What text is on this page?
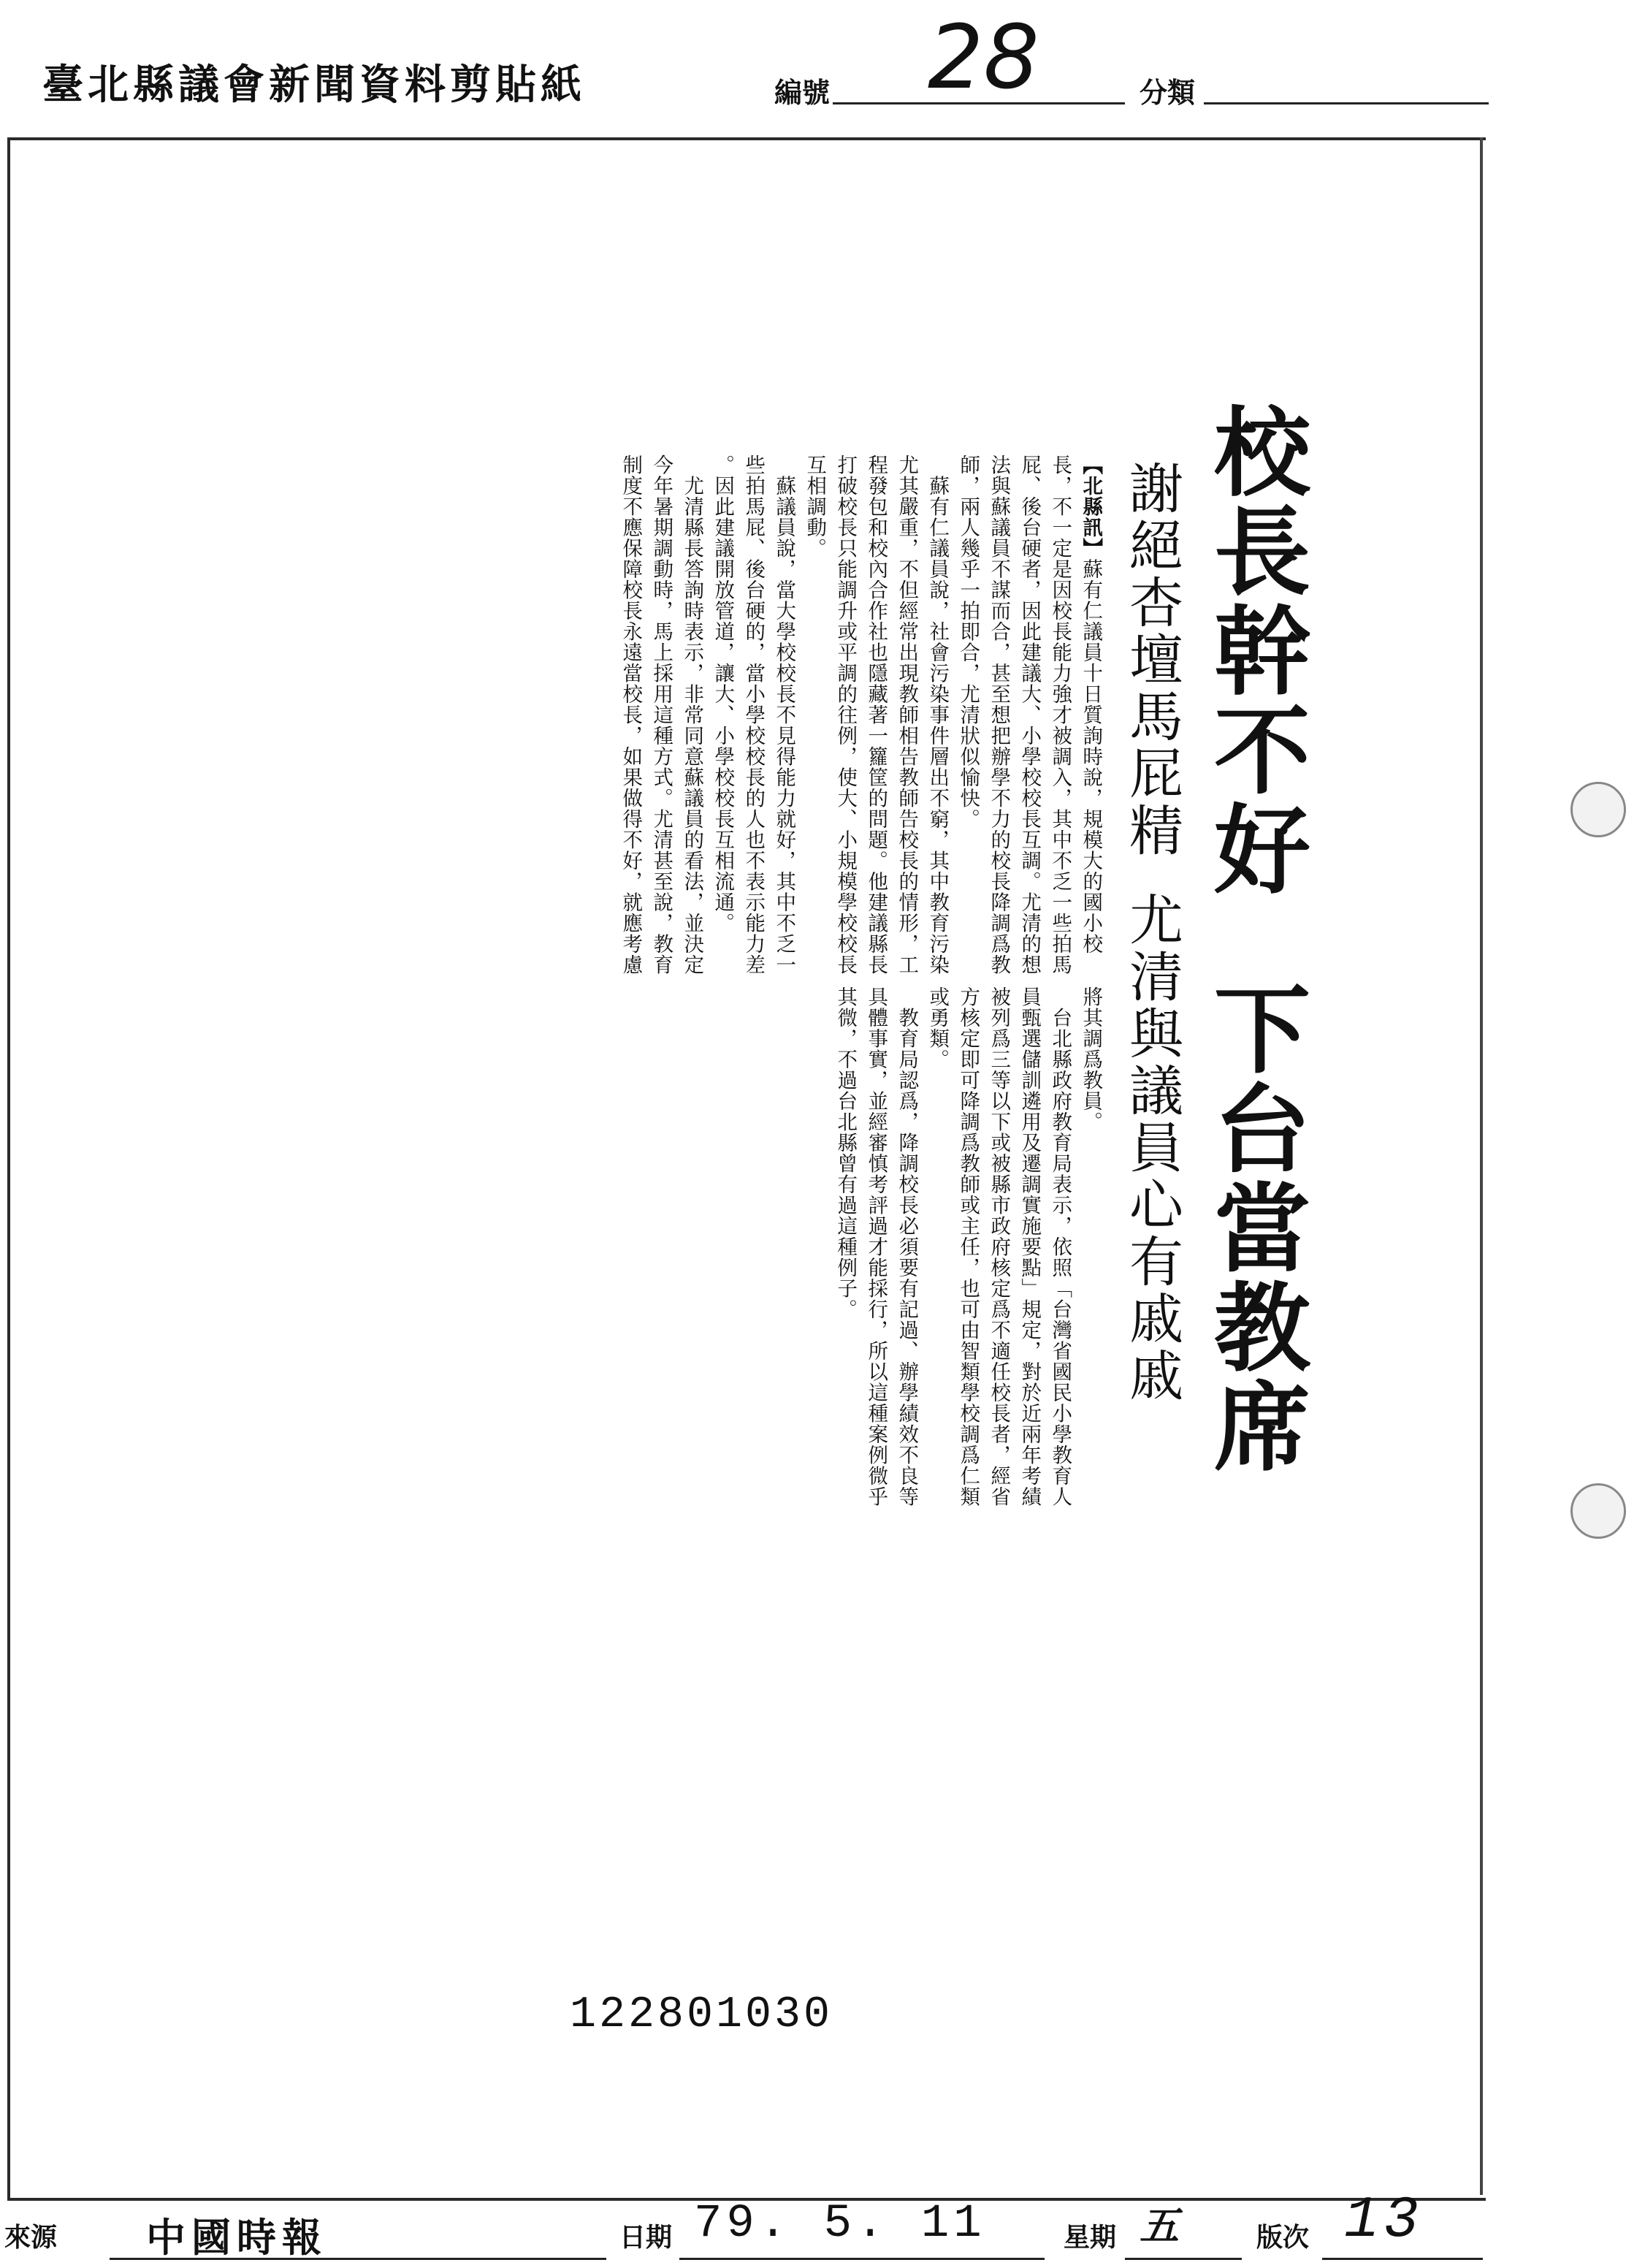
臺北縣議會新聞資料剪貼紙	編號 28	分類
校長幹不好
下台當教席
謝絕杏壇馬屁精
尤清與議員心有戚戚
【北縣訊】蘇有仁議員十日質詢時說，規模大的國小校
長，不一定是因校長能力強才被調入，其中不乏一些拍馬
屁、後台硬者，因此建議大、小學校校長互調。尤清的想
法與蘇議員不謀而合，甚至想把辦學不力的校長降調爲教
師，兩人幾乎一拍即合，尤清狀似愉快。
　蘇有仁議員說，社會污染事件層出不窮，其中教育污染
尤其嚴重，不但經常出現教師相告教師告校長的情形，工
程發包和校內合作社也隱藏著一籮筐的問題。他建議縣長
打破校長只能調升或平調的往例，使大、小規模學校校長
互相調動。
　蘇議員說，當大學校校長不見得能力就好，其中不乏一
些拍馬屁、後台硬的，當小學校校長的人也不表示能力差
。因此建議開放管道，讓大、小學校校長互相流通。
　尤清縣長答詢時表示，非常同意蘇議員的看法，並決定
今年暑期調動時，馬上採用這種方式。尤清甚至說，教育
制度不應保障校長永遠當校長，如果做得不好，就應考慮
將其調爲教員。
　台北縣政府教育局表示，依照「台灣省國民小學教育人
員甄選儲訓遴用及遷調實施要點」規定，對於近兩年考績
被列爲三等以下或被縣市政府核定爲不適任校長者，經省
方核定即可降調爲教師或主任，也可由智類學校調爲仁類
或勇類。
　教育局認爲，降調校長必須要有記過、辦學績效不良等
具體事實，並經審慎考評過才能採行，所以這種案例微乎
其微，不過台北縣曾有過這種例子。
122801030
來源 中國時報	日期 79. 5. 11	星期 五	版次 13
